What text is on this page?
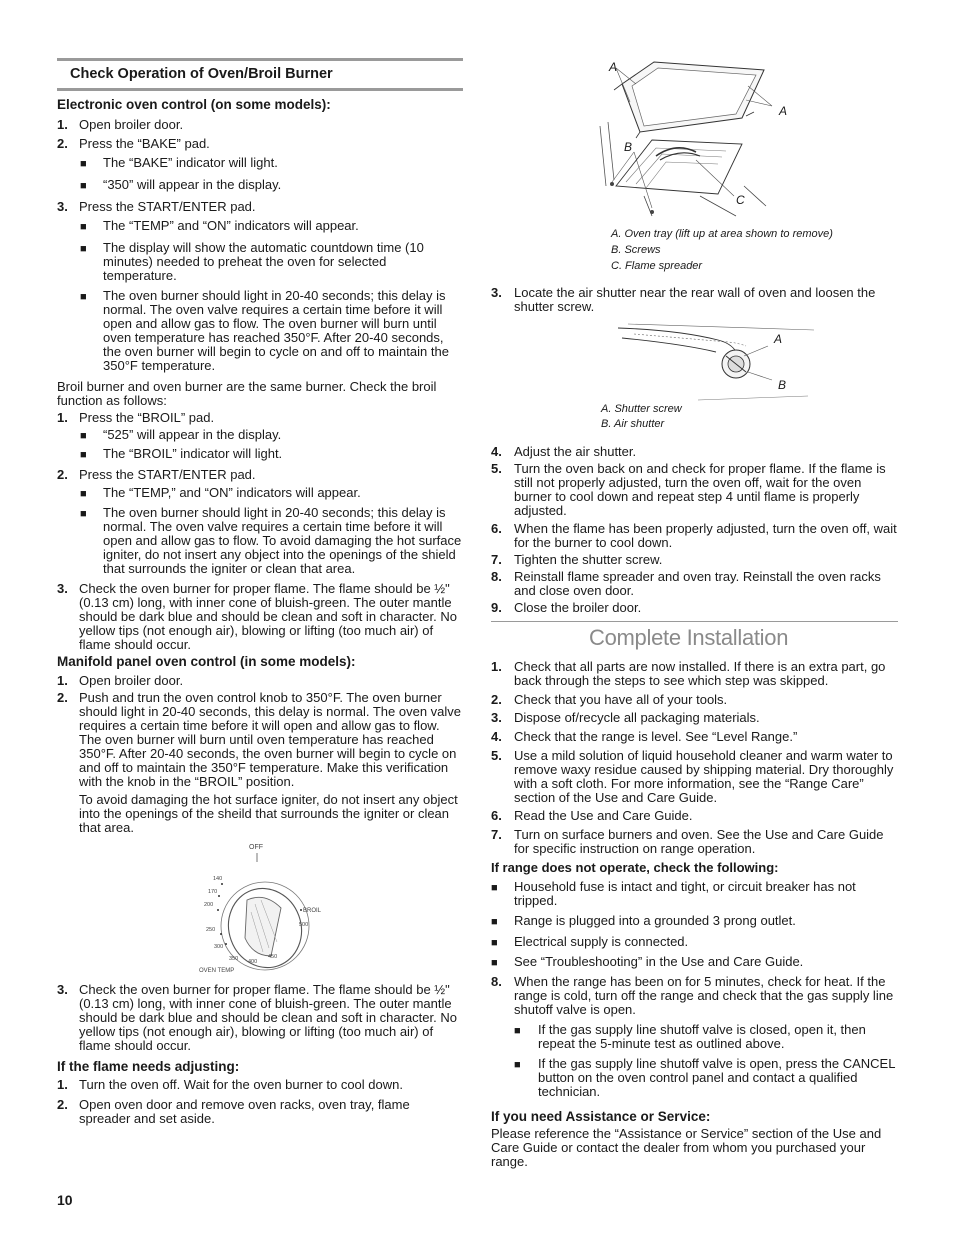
Check Operation of Oven/Broil Burner
Electronic oven control (on some models):
1. Open broiler door.
2. Press the “BAKE” pad.
■ The “BAKE” indicator will light.
■ “350” will appear in the display.
3. Press the START/ENTER pad.
■ The “TEMP” and “ON” indicators will appear.
■ The display will show the automatic countdown time (10 minutes) needed to preheat the oven for selected temperature.
■ The oven burner should light in 20-40 seconds; this delay is normal. The oven valve requires a certain time before it will open and allow gas to flow. The oven burner will burn until oven temperature has reached 350°F. After 20-40 seconds, the oven burner will begin to cycle on and off to maintain the 350°F temperature.
Broil burner and oven burner are the same burner. Check the broil function as follows:
1. Press the “BROIL” pad.
■ “525” will appear in the display.
■ The “BROIL” indicator will light.
2. Press the START/ENTER pad.
■ The “TEMP,” and “ON” indicators will appear.
■ The oven burner should light in 20-40 seconds; this delay is normal. The oven valve requires a certain time before it will open and allow gas to flow. To avoid damaging the hot surface igniter, do not insert any object into the openings of the shield that surrounds the igniter or clean that area.
3. Check the oven burner for proper flame. The flame should be ½" (0.13 cm) long, with inner cone of bluish-green. The outer mantle should be dark blue and should be clean and soft in character. No yellow tips (not enough air), blowing or lifting (too much air) of flame should occur.
Manifold panel oven control (in some models):
1. Open broiler door.
2. Push and trun the oven control knob to 350°F. The oven burner should light in 20-40 seconds, this delay is normal. The oven valve requires a certain time before it will open and allow gas to flow. The oven burner will burn until oven temperature has reached 350°F. After 20-40 seconds, the oven burner will begin to cycle on and off to maintain the 350°F temperature. Make this verification with the knob in the “BROIL” position.
To avoid damaging the hot surface igniter, do not insert any object into the openings of the sheild that surrounds the igniter or clean that area.
OFF
140
170
200
250
300
350 400
450
500
BROIL
OVEN TEMP
3. Check the oven burner for proper flame. The flame should be ½" (0.13 cm) long, with inner cone of bluish-green. The outer mantle should be dark blue and should be clean and soft in character. No yellow tips (not enough air), blowing or lifting (too much air) of flame should occur.
If the flame needs adjusting:
1. Turn the oven off. Wait for the oven burner to cool down.
2. Open oven door and remove oven racks, oven tray, flame spreader and set aside.
10
A
A
B
C
A. Oven tray (lift up at area shown to remove)
B. Screws
C. Flame spreader
3. Locate the air shutter near the rear wall of oven and loosen the shutter screw.
A
B
A. Shutter screw
B. Air shutter
4. Adjust the air shutter.
5. Turn the oven back on and check for proper flame. If the flame is still not properly adjusted, turn the oven off, wait for the oven burner to cool down and repeat step 4 until flame is properly adjusted.
6. When the flame has been properly adjusted, turn the oven off, wait for the burner to cool down.
7. Tighten the shutter screw.
8. Reinstall flame spreader and oven tray. Reinstall the oven racks and close oven door.
9. Close the broiler door.
Complete Installation
1. Check that all parts are now installed. If there is an extra part, go back through the steps to see which step was skipped.
2. Check that you have all of your tools.
3. Dispose of/recycle all packaging materials.
4. Check that the range is level. See “Level Range.”
5. Use a mild solution of liquid household cleaner and warm water to remove waxy residue caused by shipping material. Dry thoroughly with a soft cloth. For more information, see the “Range Care” section of the Use and Care Guide.
6. Read the Use and Care Guide.
7. Turn on surface burners and oven. See the Use and Care Guide for specific instruction on range operation.
If range does not operate, check the following:
■ Household fuse is intact and tight, or circuit breaker has not tripped.
■ Range is plugged into a grounded 3 prong outlet.
■ Electrical supply is connected.
■ See “Troubleshooting” in the Use and Care Guide.
8. When the range has been on for 5 minutes, check for heat. If the range is cold, turn off the range and check that the gas supply line shutoff valve is open.
■ If the gas supply line shutoff valve is closed, open it, then repeat the 5-minute test as outlined above.
■ If the gas supply line shutoff valve is open, press the CANCEL button on the oven control panel and contact a qualified technician.
If you need Assistance or Service:
Please reference the “Assistance or Service” section of the Use and Care Guide or contact the dealer from whom you purchased your range.
